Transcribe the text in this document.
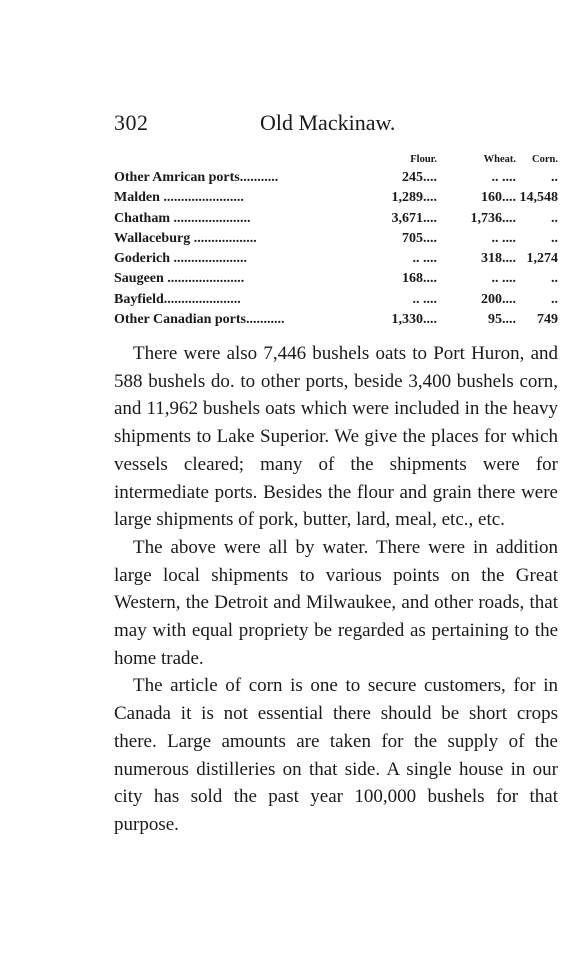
302	Old Mackinaw.
	Flour.	Wheat.	Corn.
Other Amrican ports...........	245....	.. ....	..
Malden .......................	1,289....	160....	14,548
Chatham ......................	3,671....	1,736....	..
Wallaceburg ..................	705....	.. ....	..
Goderich .....................	.. ....	318....	1,274
Saugeen ......................	168....	.. ....	..
Bayfield......................	.. ....	200....	..
Other Canadian ports...........	1,330....	95....	749

There were also 7,446 bushels oats to Port Huron, and 588 bushels do. to other ports, beside 3,400 bushels corn, and 11,962 bushels oats which were included in the heavy shipments to Lake Superior. We give the places for which vessels cleared; many of the shipments were for intermediate ports. Besides the flour and grain there were large shipments of pork, butter, lard, meal, etc., etc.

The above were all by water. There were in addition large local shipments to various points on the Great Western, the Detroit and Milwaukee, and other roads, that may with equal propriety be regarded as pertaining to the home trade.

The article of corn is one to secure customers, for in Canada it is not essential there should be short crops there. Large amounts are taken for the supply of the numerous distilleries on that side. A single house in our city has sold the past year 100,000 bushels for that purpose.
